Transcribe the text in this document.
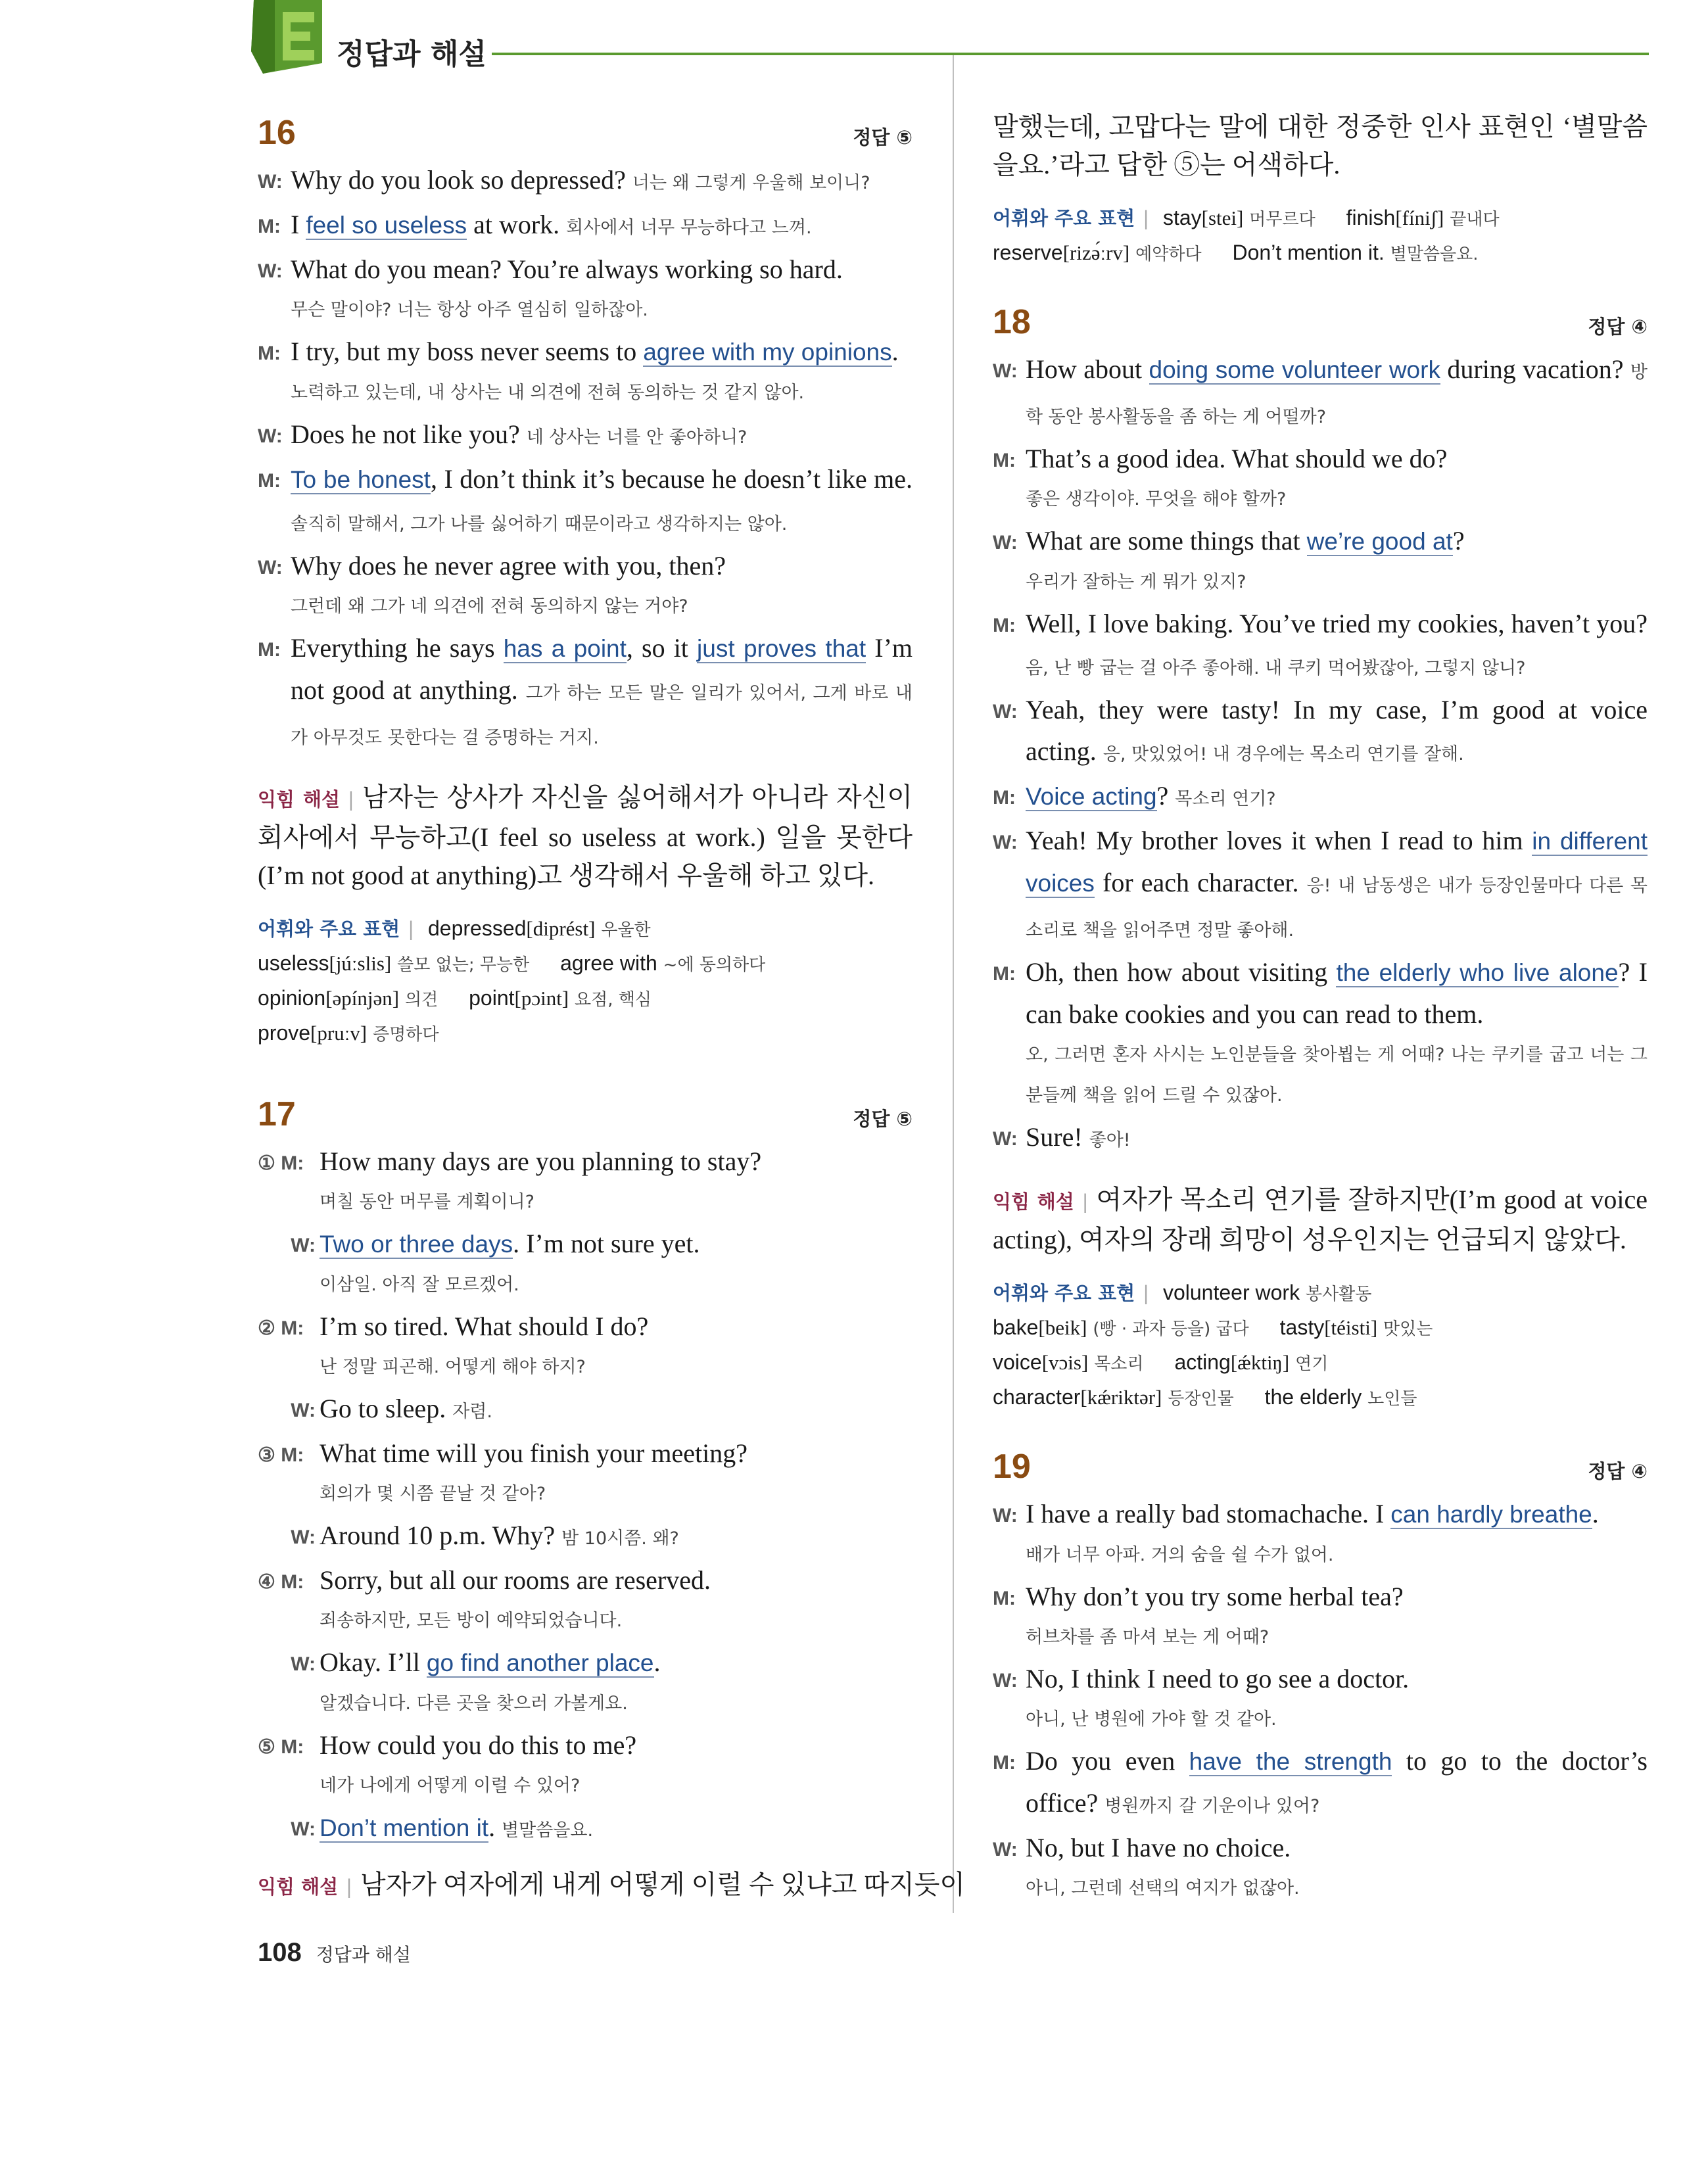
정답과 해설
16	정답 ⑤
W: Why do you look so depressed? 너는 왜 그렇게 우울해 보이니?
M: I feel so useless at work. 회사에서 너무 무능하다고 느껴.
W: What do you mean? You’re always working so hard.
무슨 말이야? 너는 항상 아주 열심히 일하잖아.
M: I try, but my boss never seems to agree with my opinions.
노력하고 있는데, 내 상사는 내 의견에 전혀 동의하는 것 같지 않아.
W: Does he not like you? 네 상사는 너를 안 좋아하니?
M: To be honest, I don’t think it’s because he doesn’t like me. 솔직히 말해서, 그가 나를 싫어하기 때문이라고 생각하지는 않아.
W: Why does he never agree with you, then?
그런데 왜 그가 네 의견에 전혀 동의하지 않는 거야?
M: Everything he says has a point, so it just proves that I’m not good at anything. 그가 하는 모든 말은 일리가 있어서, 그게 바로 내가 아무것도 못한다는 걸 증명하는 거지.
익힘 해설 | 남자는 상사가 자신을 싫어해서가 아니라 자신이 회사에서 무능하고(I feel so useless at work.) 일을 못한다(I’m not good at anything)고 생각해서 우울해 하고 있다.
어휘와 주요 표현 | depressed[diprést] 우울한
useless[júːslis] 쓸모 없는; 무능한 agree with ~에 동의하다
opinion[əpínjən] 의견 point[pɔint] 요점, 핵심
prove[pruːv] 증명하다
17	정답 ⑤
① M: How many days are you planning to stay?
며칠 동안 머무를 계획이니?
W: Two or three days. I’m not sure yet.
이삼일. 아직 잘 모르겠어.
② M: I’m so tired. What should I do?
난 정말 피곤해. 어떻게 해야 하지?
W: Go to sleep. 자렴.
③ M: What time will you finish your meeting?
회의가 몇 시쯤 끝날 것 같아?
W: Around 10 p.m. Why? 밤 10시쯤. 왜?
④ M: Sorry, but all our rooms are reserved.
죄송하지만, 모든 방이 예약되었습니다.
W: Okay. I’ll go find another place.
알겠습니다. 다른 곳을 찾으러 가볼게요.
⑤ M: How could you do this to me?
네가 나에게 어떻게 이럴 수 있어?
W: Don’t mention it. 별말씀을요.
익힘 해설 | 남자가 여자에게 내게 어떻게 이럴 수 있냐고 따지듯이
말했는데, 고맙다는 말에 대한 정중한 인사 표현인 ‘별말씀을요.’라고 답한 ⑤는 어색하다.
어휘와 주요 표현 | stay[stei] 머무르다 finish[fíniʃ] 끝내다
reserve[rizə́ːrv] 예약하다 Don’t mention it. 별말씀을요.
18	정답 ④
W: How about doing some volunteer work during vacation? 방학 동안 봉사활동을 좀 하는 게 어떨까?
M: That’s a good idea. What should we do?
좋은 생각이야. 무엇을 해야 할까?
W: What are some things that we’re good at?
우리가 잘하는 게 뭐가 있지?
M: Well, I love baking. You’ve tried my cookies, haven’t you? 음, 난 빵 굽는 걸 아주 좋아해. 내 쿠키 먹어봤잖아, 그렇지 않니?
W: Yeah, they were tasty! In my case, I’m good at voice acting. 응, 맛있었어! 내 경우에는 목소리 연기를 잘해.
M: Voice acting? 목소리 연기?
W: Yeah! My brother loves it when I read to him in different voices for each character. 응! 내 남동생은 내가 등장인물마다 다른 목소리로 책을 읽어주면 정말 좋아해.
M: Oh, then how about visiting the elderly who live alone? I can bake cookies and you can read to them.
오, 그러면 혼자 사시는 노인분들을 찾아뵙는 게 어때? 나는 쿠키를 굽고 너는 그분들께 책을 읽어 드릴 수 있잖아.
W: Sure! 좋아!
익힘 해설 | 여자가 목소리 연기를 잘하지만(I’m good at voice acting), 여자의 장래 희망이 성우인지는 언급되지 않았다.
어휘와 주요 표현 | volunteer work 봉사활동
bake[beik] (빵 · 과자 등을) 굽다 tasty[téisti] 맛있는
voice[vɔis] 목소리 acting[ǽktiŋ] 연기
character[kǽriktər] 등장인물 the elderly 노인들
19	정답 ④
W: I have a really bad stomachache. I can hardly breathe.
배가 너무 아파. 거의 숨을 쉴 수가 없어.
M: Why don’t you try some herbal tea?
허브차를 좀 마셔 보는 게 어때?
W: No, I think I need to go see a doctor.
아니, 난 병원에 가야 할 것 같아.
M: Do you even have the strength to go to the doctor’s office? 병원까지 갈 기운이나 있어?
W: No, but I have no choice.
아니, 그런데 선택의 여지가 없잖아.
108 정답과 해설
